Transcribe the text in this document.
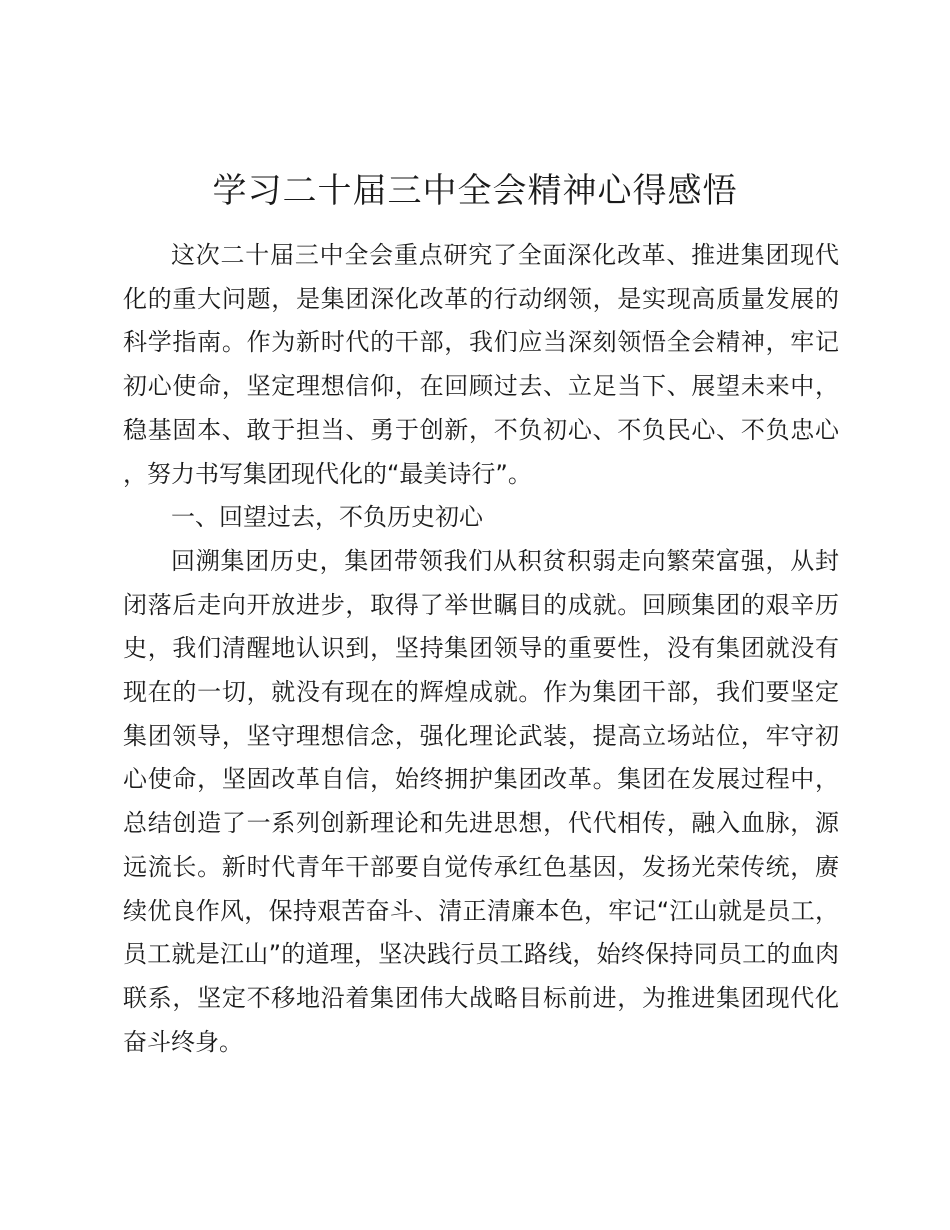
学习二十届三中全会精神心得感悟

这次二十届三中全会重点研究了全面深化改革、推进集团现代化的重大问题，是集团深化改革的行动纲领，是实现高质量发展的科学指南。作为新时代的干部，我们应当深刻领悟全会精神，牢记初心使命，坚定理想信仰，在回顾过去、立足当下、展望未来中，稳基固本、敢于担当、勇于创新，不负初心、不负民心、不负忠心，努力书写集团现代化的“最美诗行”。

一、回望过去，不负历史初心

回溯集团历史，集团带领我们从积贫积弱走向繁荣富强，从封闭落后走向开放进步，取得了举世瞩目的成就。回顾集团的艰辛历史，我们清醒地认识到，坚持集团领导的重要性，没有集团就没有现在的一切，就没有现在的辉煌成就。作为集团干部，我们要坚定集团领导，坚守理想信念，强化理论武装，提高立场站位，牢守初心使命，坚固改革自信，始终拥护集团改革。集团在发展过程中，总结创造了一系列创新理论和先进思想，代代相传，融入血脉，源远流长。新时代青年干部要自觉传承红色基因，发扬光荣传统，赓续优良作风，保持艰苦奋斗、清正清廉本色，牢记“江山就是员工，员工就是江山”的道理，坚决践行员工路线，始终保持同员工的血肉联系，坚定不移地沿着集团伟大战略目标前进，为推进集团现代化奋斗终身。
